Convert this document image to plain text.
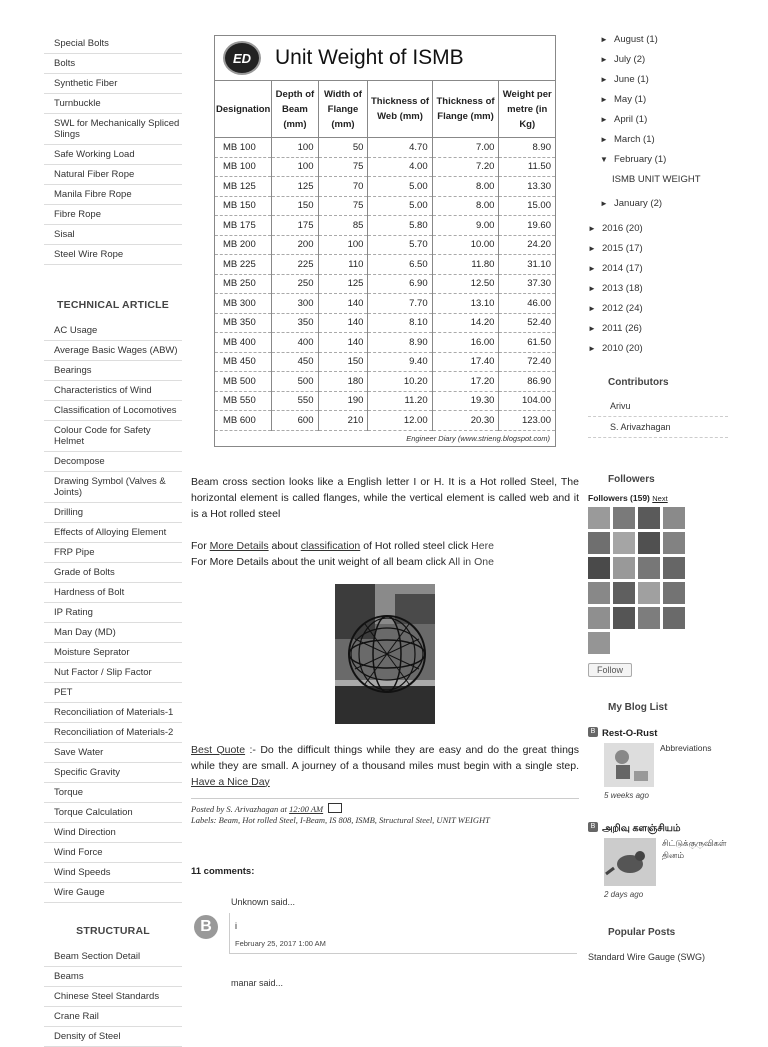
Special Bolts
Bolts
Synthetic Fiber
Turnbuckle
SWL for Mechanically Spliced Slings
Safe Working Load
Natural Fiber Rope
Manila Fibre Rope
Fibre Rope
Sisal
Steel Wire Rope
TECHNICAL ARTICLE
AC Usage
Average Basic Wages (ABW)
Bearings
Characteristics of Wind
Classification of Locomotives
Colour Code for Safety Helmet
Decompose
Drawing Symbol (Valves & Joints)
Drilling
Effects of Alloying Element
FRP Pipe
Grade of Bolts
Hardness of Bolt
IP Rating
Man Day (MD)
Moisture Seprator
Nut Factor / Slip Factor
PET
Reconciliation of Materials-1
Reconciliation of Materials-2
Save Water
Specific Gravity
Torque
Torque Calculation
Wind Direction
Wind Force
Wind Speeds
Wire Gauge
STRUCTURAL
Beam Section Detail
Beams
Chinese Steel Standards
Crane Rail
Density of Steel
ED	Unit Weight of ISMB
Designation	Depth of Beam (mm)	Width of Flange (mm)	Thickness of Web (mm)	Thickness of Flange (mm)	Weight per metre (in Kg)
MB 100	100	50	4.70	7.00	8.90
MB 100	100	75	4.00	7.20	11.50
MB 125	125	70	5.00	8.00	13.30
MB 150	150	75	5.00	8.00	15.00
MB 175	175	85	5.80	9.00	19.60
MB 200	200	100	5.70	10.00	24.20
MB 225	225	110	6.50	11.80	31.10
MB 250	250	125	6.90	12.50	37.30
MB 300	300	140	7.70	13.10	46.00
MB 350	350	140	8.10	14.20	52.40
MB 400	400	140	8.90	16.00	61.50
MB 450	450	150	9.40	17.40	72.40
MB 500	500	180	10.20	17.20	86.90
MB 550	550	190	11.20	19.30	104.00
MB 600	600	210	12.00	20.30	123.00
Engineer Diary (www.strieng.blogspot.com)

Beam cross section looks like a English letter I or H. It is a Hot rolled Steel, The horizontal element is called flanges, while the vertical element is called web and it is a Hot rolled steel

For More Details about classification of Hot rolled steel click Here
For More Details about the unit weight of all beam click All in One

Best Quote :- Do the difficult things while they are easy and do the great things while they are small. A journey of a thousand miles must begin with a single step. Have a Nice Day

Posted by S. Arivazhagan at 12:00 AM
Labels: Beam, Hot rolled Steel, I-Beam, IS 808, ISMB, Structural Steel, UNIT WEIGHT
11 comments:
Unknown said...
B	i
February 25, 2017 1:00 AM
manar said...
► August (1)
► July (2)
► June (1)
► May (1)
► April (1)
► March (1)
▼ February (1)
ISMB UNIT WEIGHT
► January (2)
► 2016 (20)
► 2015 (17)
► 2014 (17)
► 2013 (18)
► 2012 (24)
► 2011 (26)
► 2010 (20)
Contributors
Arivu
S. Arivazhagan
Followers
Followers (159) Next
Follow
My Blog List
B Rest-O-Rust
Abbreviations
5 weeks ago
B அறிவு களஞ்சியம்
சிட்டுக்குருவிகள் தினம்
2 days ago
Popular Posts
Standard Wire Gauge (SWG)
